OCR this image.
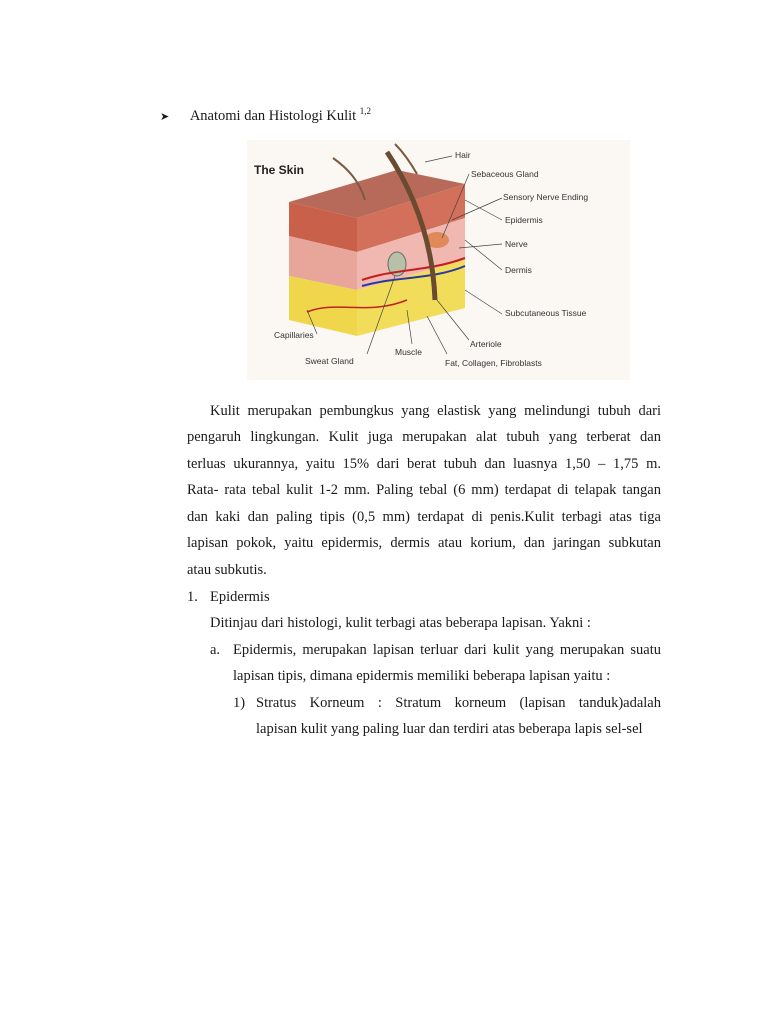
➤ Anatomi dan Histologi Kulit $^{1,2}$
The Skin
Hair
Sebaceous Gland
Sensory Nerve Ending
Epidermis
Nerve
Dermis
Subcutaneous Tissue
Capillaries
Sweat Gland
Muscle
Arteriole
Fat, Collagen, Fibroblasts
Kulit merupakan pembungkus yang elastisk yang melindungi tubuh dari
pengaruh lingkungan. Kulit juga merupakan alat tubuh yang terberat dan
terluas ukurannya, yaitu 15% dari berat tubuh dan luasnya 1,50 – 1,75 m.
Rata- rata tebal kulit 1-2 mm. Paling tebal (6 mm) terdapat di telapak tangan
dan kaki dan paling tipis (0,5 mm) terdapat di penis.Kulit terbagi atas tiga
lapisan pokok, yaitu epidermis, dermis atau korium, dan jaringan subkutan
atau subkutis.
1. Epidermis
Ditinjau dari histologi, kulit terbagi atas beberapa lapisan. Yakni :
a. Epidermis, merupakan lapisan terluar dari kulit yang merupakan suatu
lapisan tipis, dimana epidermis memiliki beberapa lapisan yaitu :
1) Stratus Korneum : Stratum korneum (lapisan tanduk)adalah
lapisan kulit yang paling luar dan terdiri atas beberapa lapis sel-sel
